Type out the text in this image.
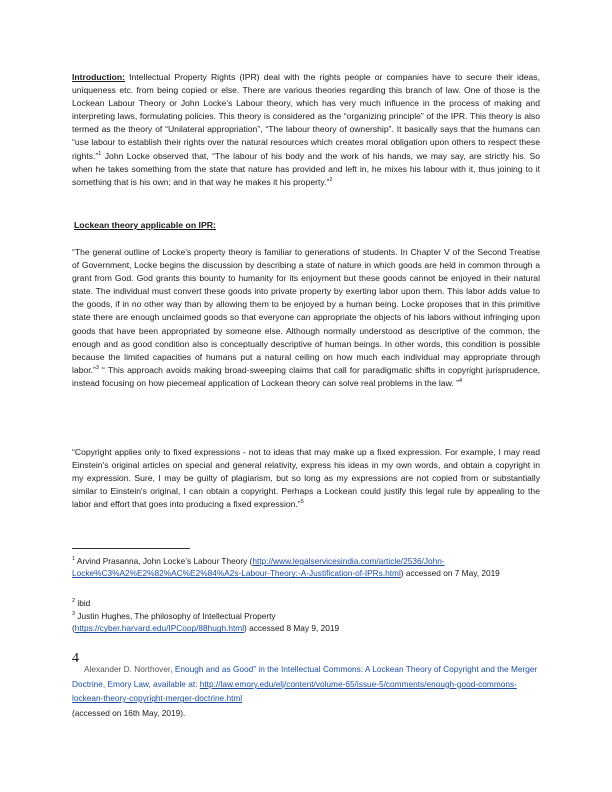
Introduction: Intellectual Property Rights (IPR) deal with the rights people or companies have to secure their ideas, uniqueness etc. from being copied or else. There are various theories regarding this branch of law. One of those is the Lockean Labour Theory or John Locke’s Labour theory, which has very much influence in the process of making and interpreting laws, formulating policies. This theory is considered as the “organizing principle” of the IPR. This theory is also termed as the theory of “Unilateral appropriation”, “The labour theory of ownership”. It basically says that the humans can “use labour to establish their rights over the natural resources which creates moral obligation upon others to respect these rights.”$^1$ John Locke observed that, “The labour of his body and the work of his hands, we may say, are strictly his. So when he takes something from the state that nature has provided and left in, he mixes his labour with it, thus joining to it something that is his own; and in that way he makes it his property.”$^2$

Lockean theory applicable on IPR:

“The general outline of Locke's property theory is familiar to generations of students. In Chapter V of the Second Treatise of Government, Locke begins the discussion by describing a state of nature in which goods are held in common through a grant from God. God grants this bounty to humanity for its enjoyment but these goods cannot be enjoyed in their natural state. The individual must convert these goods into private property by exerting labor upon them. This labor adds value to the goods, if in no other way than by allowing them to be enjoyed by a human being. Locke proposes that in this primitive state there are enough unclaimed goods so that everyone can appropriate the objects of his labors without infringing upon goods that have been appropriated by someone else. Although normally understood as descriptive of the common, the enough and as good condition also is conceptually descriptive of human beings. In other words, this condition is possible because the limited capacities of humans put a natural ceiling on how much each individual may appropriate through labor.”$^3$ “ This approach avoids making broad-sweeping claims that call for paradigmatic shifts in copyright jurisprudence, instead focusing on how piecemeal application of Lockean theory can solve real problems in the law. ”$^4$

“Copyright applies only to fixed expressions - not to ideas that may make up a fixed expression. For example, I may read Einstein's original articles on special and general relativity, express his ideas in my own words, and obtain a copyright in my expression. Sure, I may be guilty of plagiarism, but so long as my expressions are not copied from or substantially similar to Einstein's original, I can obtain a copyright. Perhaps a Lockean could justify this legal rule by appealing to the labor and effort that goes into producing a fixed expression.”$^5$

$^1$ Arvind Prasanna, John Locke’s Labour Theory (http://www.legalservicesindia.com/article/2536/John-Locke%C3%A2%E2%82%AC%E2%84%A2s-Labour-Theory:-A-Justification-of-IPRs.html) accessed on 7 May, 2019

$^2$ ibid

$^3$ Justin Hughes, The philosophy of Intellectual Property
(https://cyber.harvard.edu/IPCoop/88hugh.html) accessed 8 May 9, 2019

4

Alexander D. Northover, Enough and as Good” in the Intellectual Commons: A Lockean Theory of Copyright and the Merger Doctrine, Emory Law, available at: http://law.emory.edu/elj/content/volume-65/issue-5/comments/enough-good-commons-lockean-theory-copyright-merger-doctrine.html
(accessed on 16th May, 2019).
